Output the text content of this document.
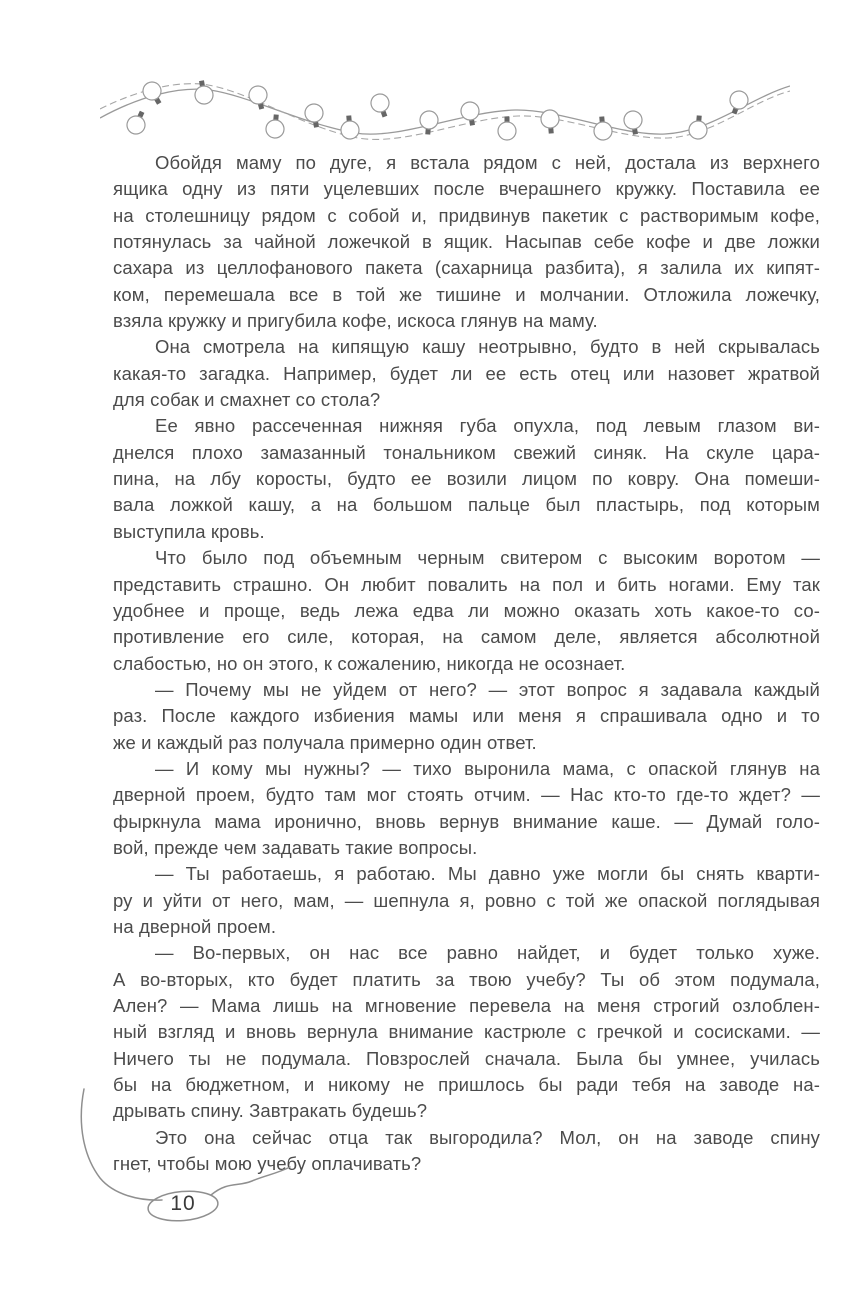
Обойдя маму по дуге, я встала рядом с ней, достала из верхнего
ящика одну из пяти уцелевших после вчерашнего кружку. Поставила ее
на столешницу рядом с собой и, придвинув пакетик с растворимым кофе,
потянулась за чайной ложечкой в ящик. Насыпав себе кофе и две ложки
сахара из целлофанового пакета (сахарница разбита), я залила их кипят-
ком, перемешала все в той же тишине и молчании. Отложила ложечку,
взяла кружку и пригубила кофе, искоса глянув на маму.
Она смотрела на кипящую кашу неотрывно, будто в ней скрывалась
какая-то загадка. Например, будет ли ее есть отец или назовет жратвой
для собак и смахнет со стола?
Ее явно рассеченная нижняя губа опухла, под левым глазом ви-
днелся плохо замазанный тональником свежий синяк. На скуле цара-
пина, на лбу коросты, будто ее возили лицом по ковру. Она помеши-
вала ложкой кашу, а на большом пальце был пластырь, под которым
выступила кровь.
Что было под объемным черным свитером с высоким воротом —
представить страшно. Он любит повалить на пол и бить ногами. Ему так
удобнее и проще, ведь лежа едва ли можно оказать хоть какое-то со-
противление его силе, которая, на самом деле, является абсолютной
слабостью, но он этого, к сожалению, никогда не осознает.
— Почему мы не уйдем от него? — этот вопрос я задавала каждый
раз. После каждого избиения мамы или меня я спрашивала одно и то
же и каждый раз получала примерно один ответ.
— И кому мы нужны? — тихо выронила мама, с опаской глянув на
дверной проем, будто там мог стоять отчим. — Нас кто-то где-то ждет? —
фыркнула мама иронично, вновь вернув внимание каше. — Думай голо-
вой, прежде чем задавать такие вопросы.
— Ты работаешь, я работаю. Мы давно уже могли бы снять кварти-
ру и уйти от него, мам, — шепнула я, ровно с той же опаской поглядывая
на дверной проем.
— Во-первых, он нас все равно найдет, и будет только хуже.
А во-вторых, кто будет платить за твою учебу? Ты об этом подумала,
Ален? — Мама лишь на мгновение перевела на меня строгий озлоблен-
ный взгляд и вновь вернула внимание кастрюле с гречкой и сосисками. —
Ничего ты не подумала. Повзрослей сначала. Была бы умнее, училась
бы на бюджетном, и никому не пришлось бы ради тебя на заводе на-
дрывать спину. Завтракать будешь?
Это она сейчас отца так выгородила? Мол, он на заводе спину
гнет, чтобы мою учебу оплачивать?
10
